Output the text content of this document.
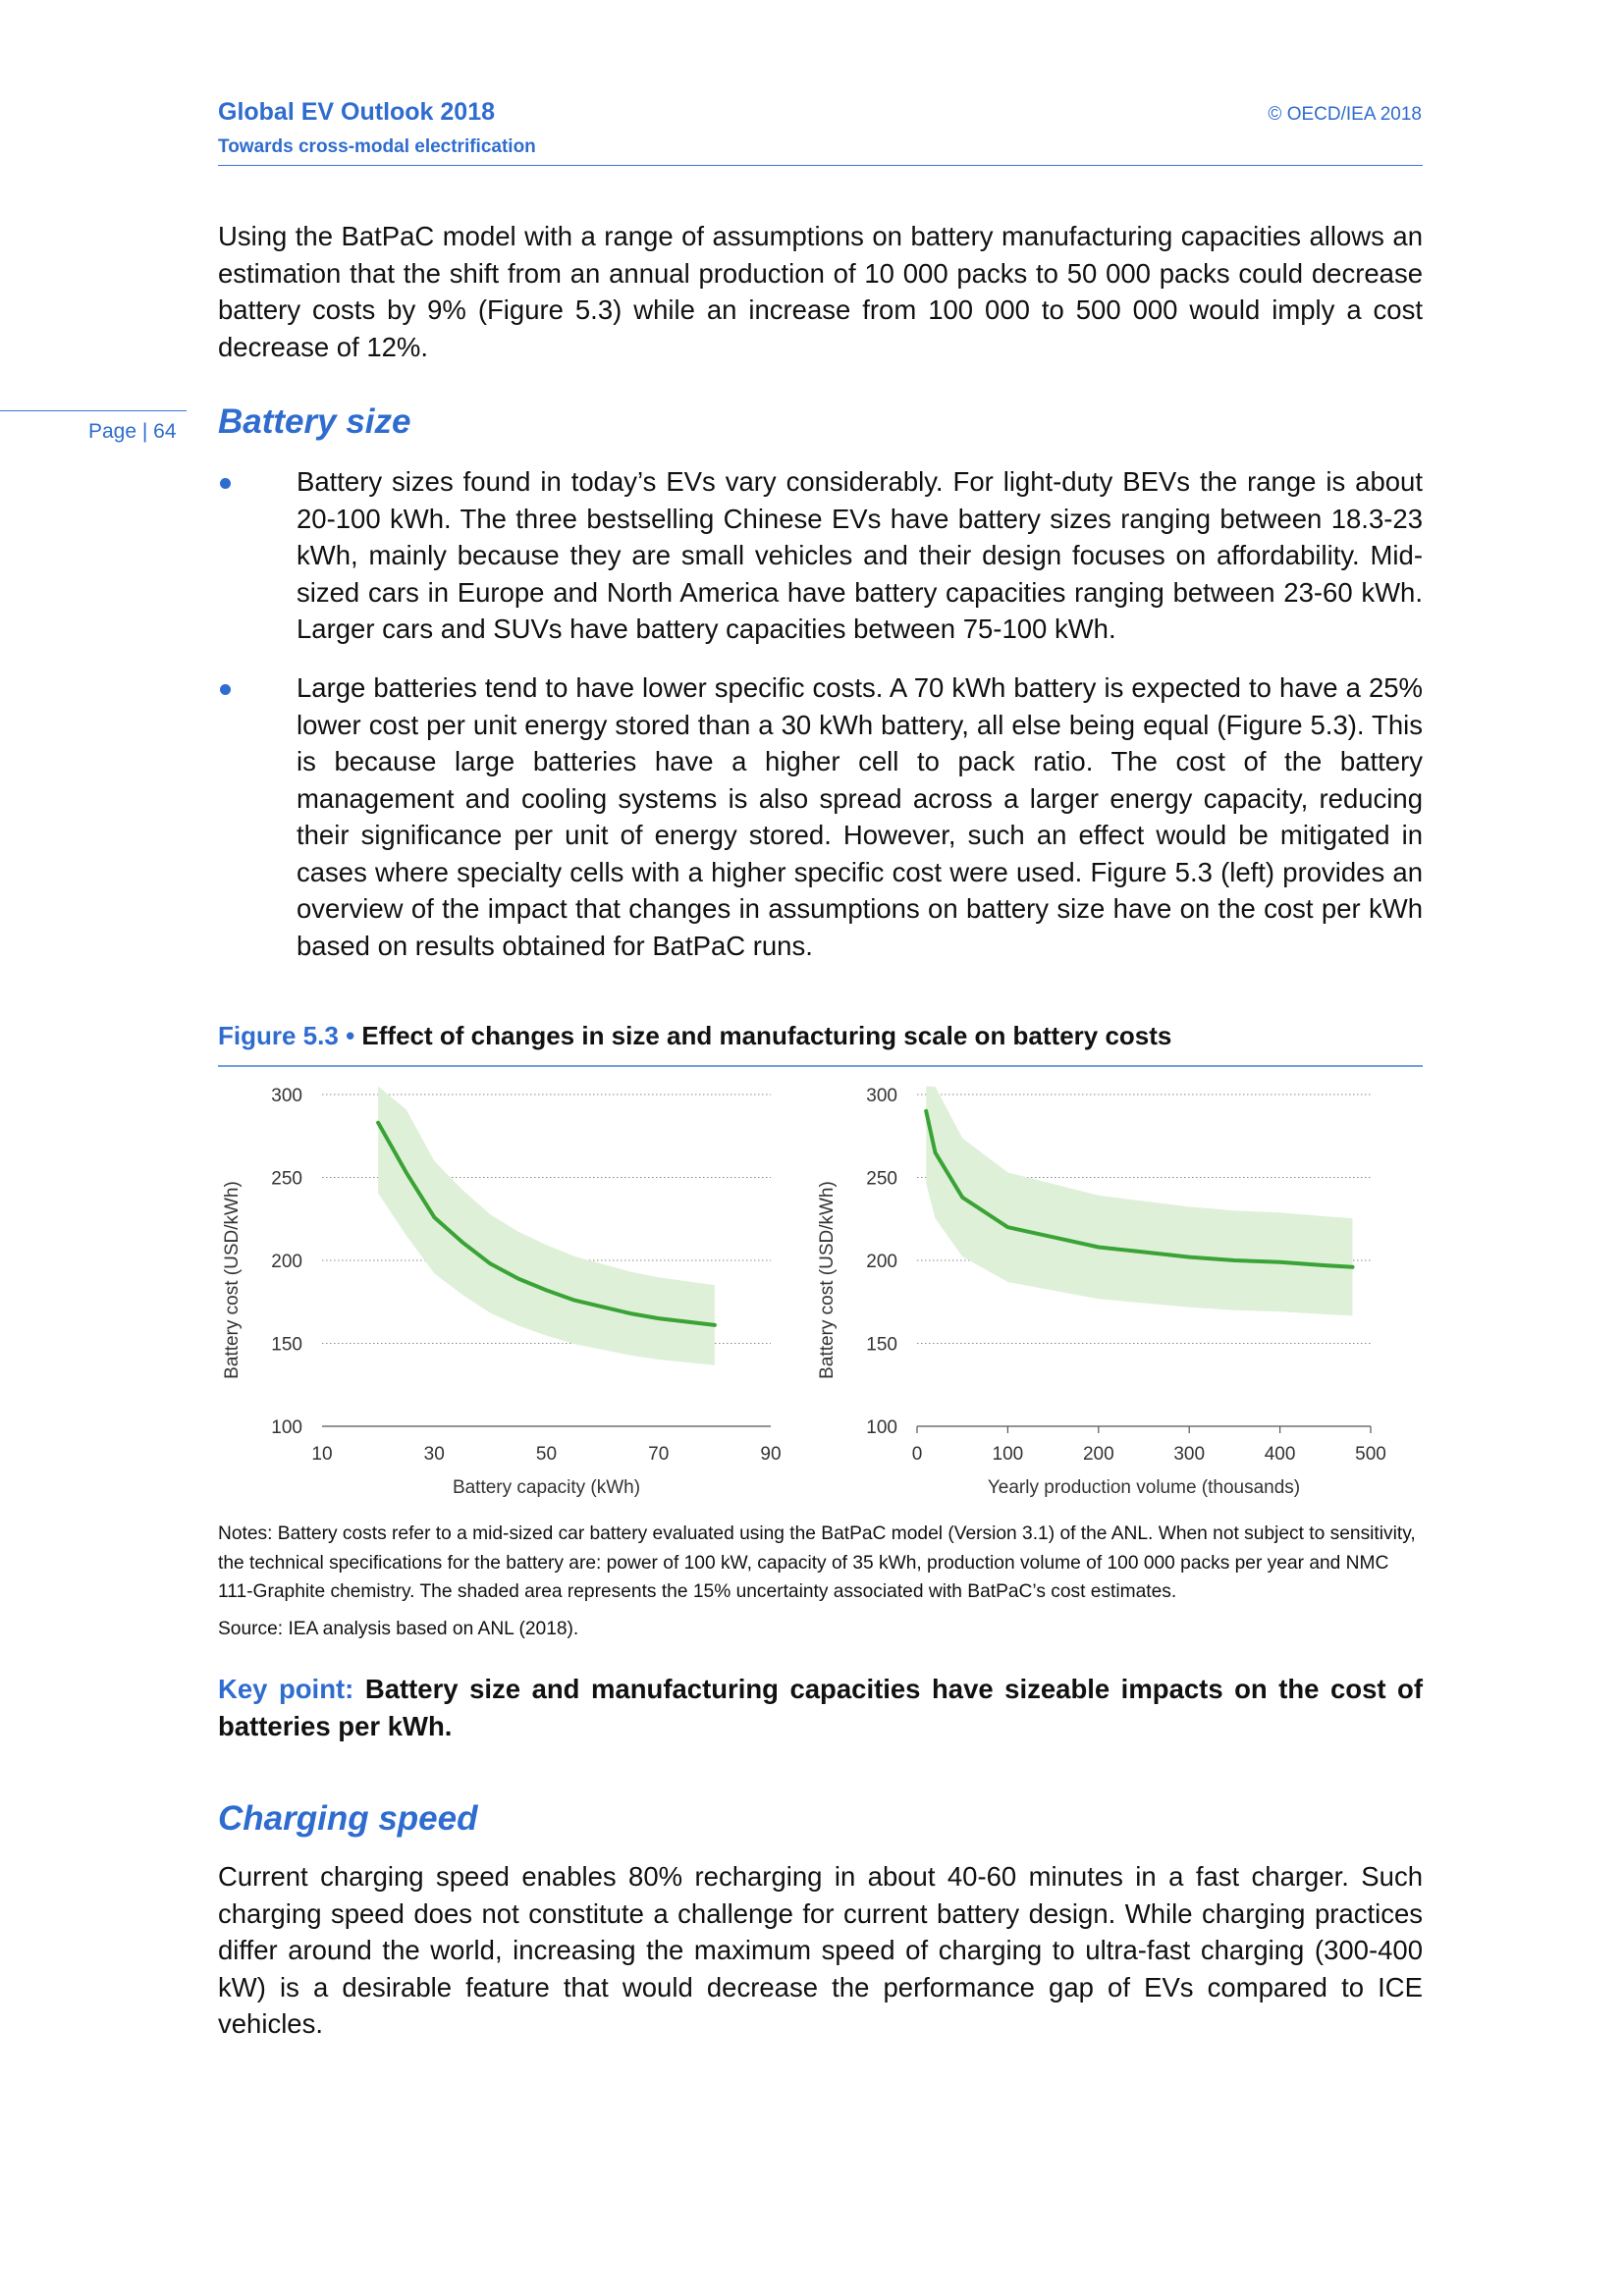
Global EV Outlook 2018
Towards cross-modal electrification
© OECD/IEA 2018
Using the BatPaC model with a range of assumptions on battery manufacturing capacities allows an estimation that the shift from an annual production of 10 000 packs to 50 000 packs could decrease battery costs by 9% (Figure 5.3) while an increase from 100 000 to 500 000 would imply a cost decrease of 12%.
Page | 64 Battery size
Battery sizes found in today’s EVs vary considerably. For light-duty BEVs the range is about 20-100 kWh. The three bestselling Chinese EVs have battery sizes ranging between 18.3-23 kWh, mainly because they are small vehicles and their design focuses on affordability. Mid-sized cars in Europe and North America have battery capacities ranging between 23-60 kWh. Larger cars and SUVs have battery capacities between 75-100 kWh.
Large batteries tend to have lower specific costs. A 70 kWh battery is expected to have a 25% lower cost per unit energy stored than a 30 kWh battery, all else being equal (Figure 5.3). This is because large batteries have a higher cell to pack ratio. The cost of the battery management and cooling systems is also spread across a larger energy capacity, reducing their significance per unit of energy stored. However, such an effect would be mitigated in cases where specialty cells with a higher specific cost were used. Figure 5.3 (left) provides an overview of the impact that changes in assumptions on battery size have on the cost per kWh based on results obtained for BatPaC runs.
Figure 5.3 • Effect of changes in size and manufacturing scale on battery costs
100
150
200
250
300
10	30	50	70	90
Battery capacity (kWh)
Battery cost (USD/kWh)
100
150
200
250
300
0	100	200	300	400	500
Yearly production volume (thousands)
Battery cost (USD/kWh)
Notes: Battery costs refer to a mid-sized car battery evaluated using the BatPaC model (Version 3.1) of the ANL. When not subject to sensitivity, the technical specifications for the battery are: power of 100 kW, capacity of 35 kWh, production volume of 100 000 packs per year and NMC 111-Graphite chemistry. The shaded area represents the 15% uncertainty associated with BatPaC’s cost estimates.
Source: IEA analysis based on ANL (2018).
Key point: Battery size and manufacturing capacities have sizeable impacts on the cost of batteries per kWh.
Charging speed
Current charging speed enables 80% recharging in about 40-60 minutes in a fast charger. Such charging speed does not constitute a challenge for current battery design. While charging practices differ around the world, increasing the maximum speed of charging to ultra-fast charging (300-400 kW) is a desirable feature that would decrease the performance gap of EVs compared to ICE vehicles.
